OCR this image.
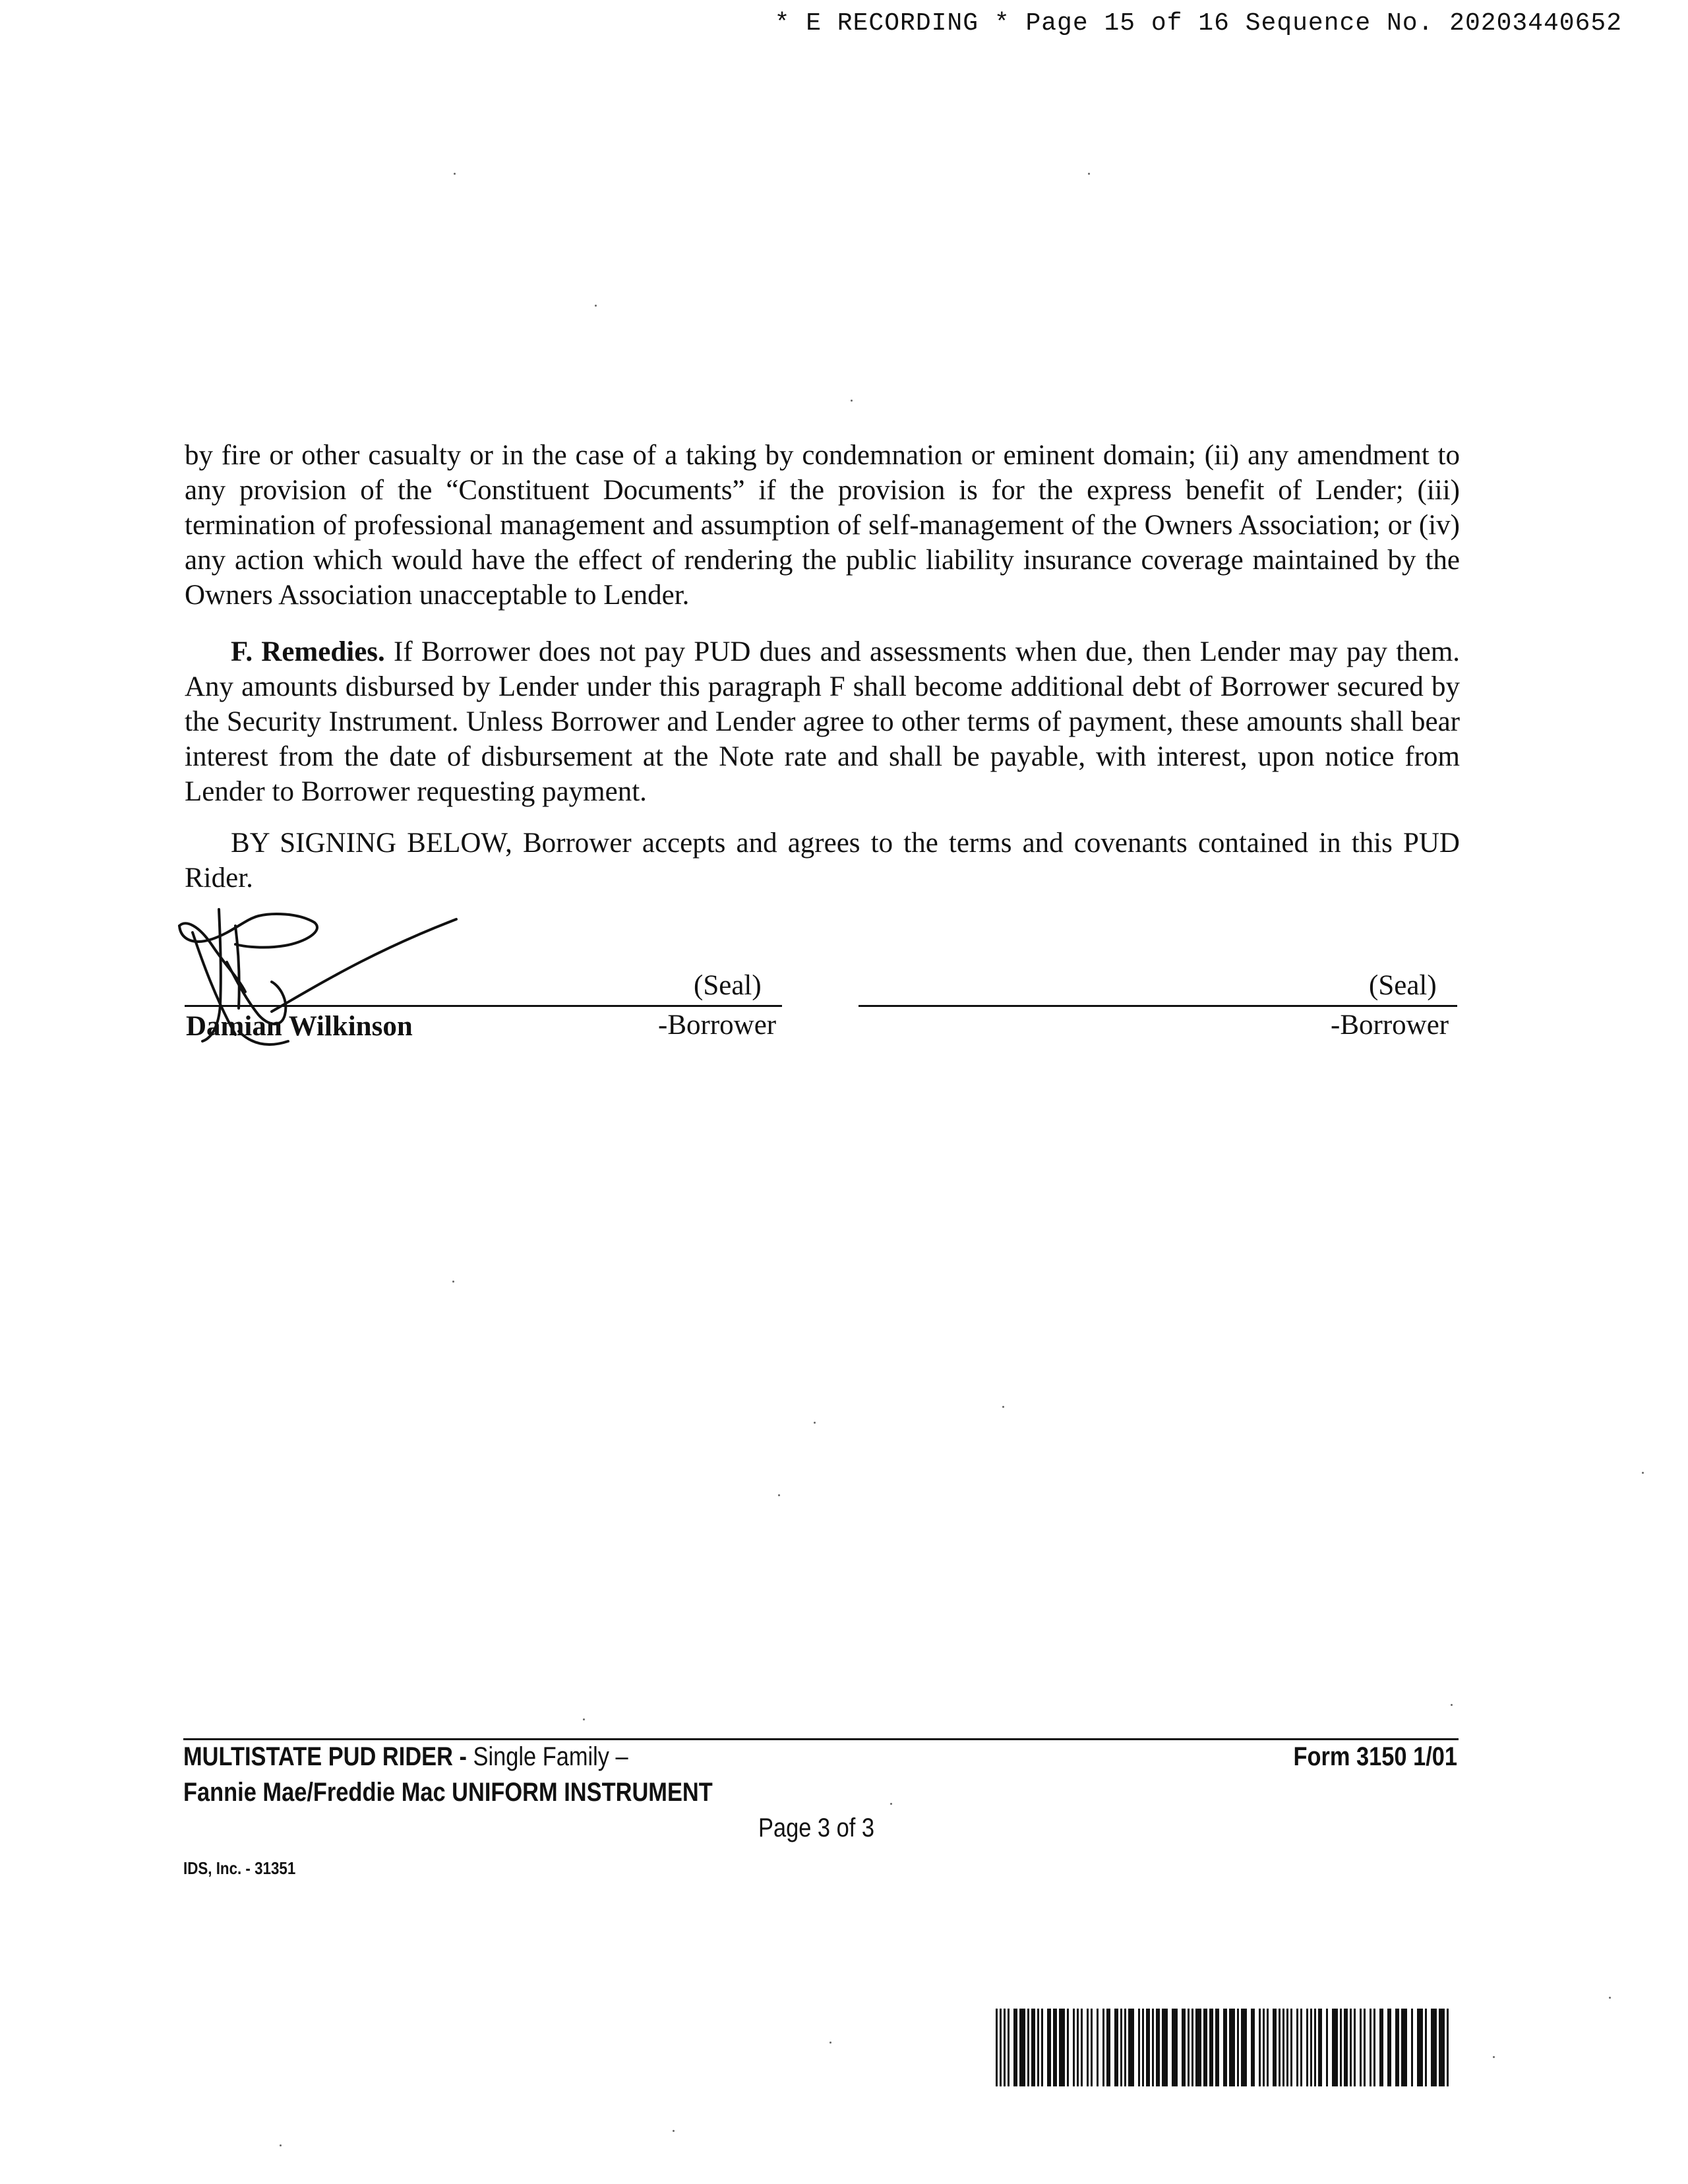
* E RECORDING * Page 15 of 16 Sequence No. 20203440652

by fire or other casualty or in the case of a taking by condemnation or eminent domain; (ii) any amendment to any provision of the “Constituent Documents” if the provision is for the express benefit of Lender; (iii) termination of professional management and assumption of self-management of the Owners Association; or (iv) any action which would have the effect of rendering the public liability insurance coverage maintained by the Owners Association unacceptable to Lender.

F. Remedies. If Borrower does not pay PUD dues and assessments when due, then Lender may pay them. Any amounts disbursed by Lender under this paragraph F shall become additional debt of Borrower secured by the Security Instrument. Unless Borrower and Lender agree to other terms of payment, these amounts shall bear interest from the date of disbursement at the Note rate and shall be payable, with interest, upon notice from Lender to Borrower requesting payment.

BY SIGNING BELOW, Borrower accepts and agrees to the terms and covenants contained in this PUD Rider.

(Seal)	(Seal)
Damian Wilkinson	-Borrower	-Borrower
MULTISTATE PUD RIDER - Single Family –
Fannie Mae/Freddie Mac UNIFORM INSTRUMENT
Form 3150 1/01
Page 3 of 3
IDS, Inc. - 31351
